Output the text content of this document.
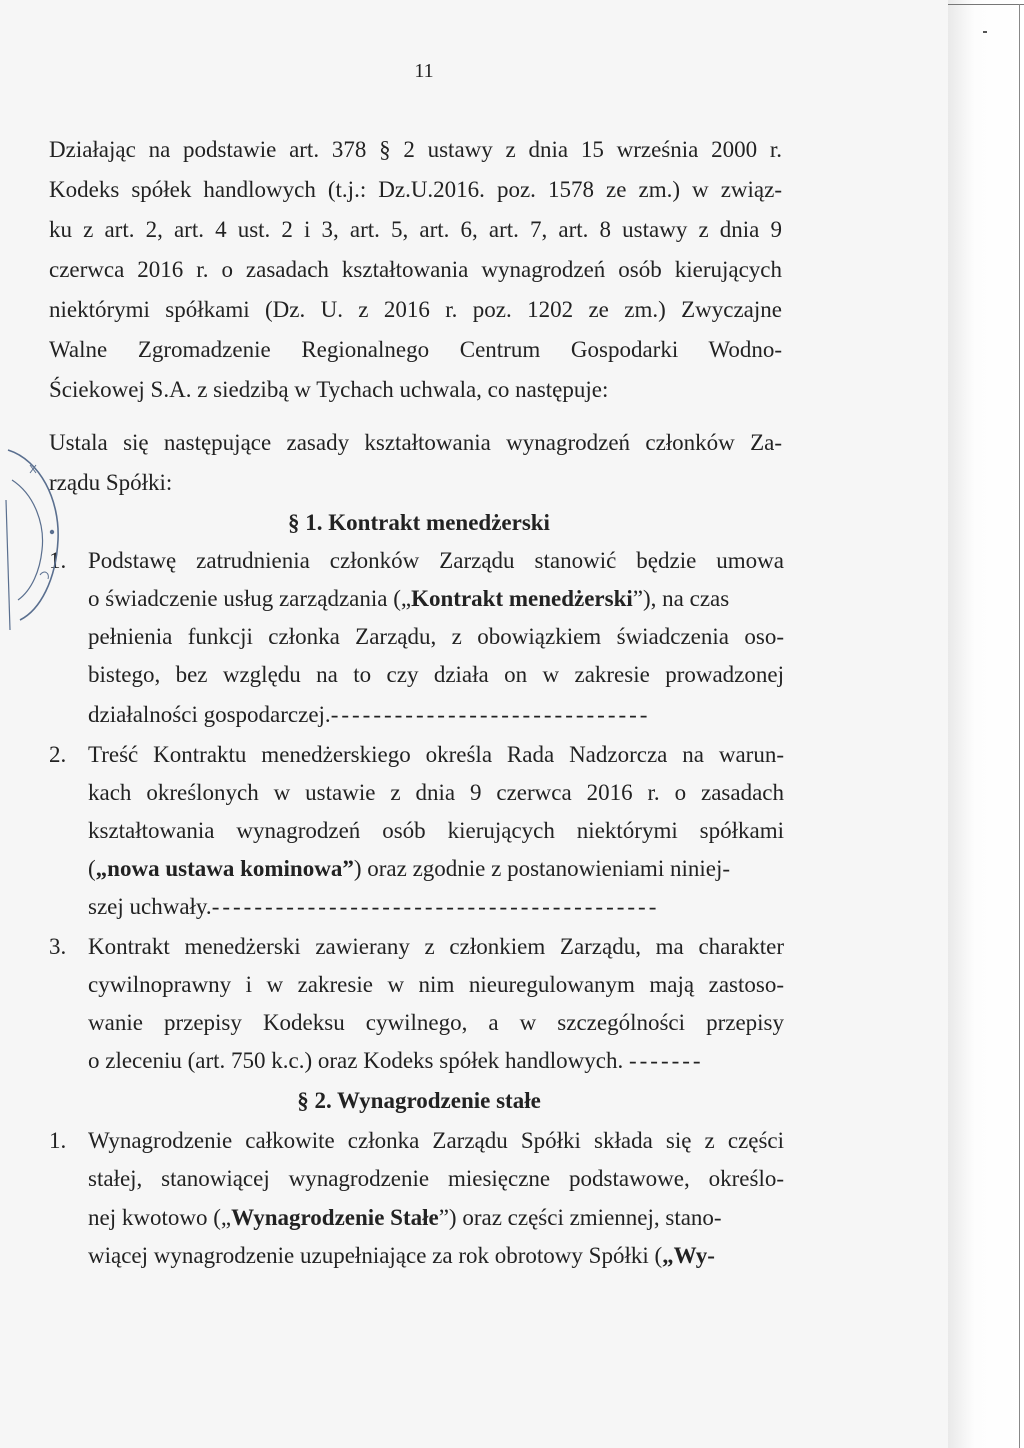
11
Działając na podstawie art. 378 § 2 ustawy z dnia 15 września 2000 r.
Kodeks spółek handlowych (t.j.: Dz.U.2016. poz. 1578 ze zm.) w związ-
ku z art. 2, art. 4 ust. 2 i 3, art. 5, art. 6, art. 7, art. 8 ustawy z dnia 9
czerwca 2016 r. o zasadach kształtowania wynagrodzeń osób kierujących
niektórymi spółkami (Dz. U. z 2016 r. poz. 1202 ze zm.) Zwyczajne
Walne Zgromadzenie Regionalnego Centrum Gospodarki Wodno-
Ściekowej S.A. z siedzibą w Tychach uchwala, co następuje:
Ustala się następujące zasady kształtowania wynagrodzeń członków Za-
rządu Spółki:
§ 1. Kontrakt menedżerski
1. Podstawę zatrudnienia członków Zarządu stanowić będzie umowa
o świadczenie usług zarządzania („Kontrakt menedżerski”), na czas
pełnienia funkcji członka Zarządu, z obowiązkiem świadczenia oso-
bistego, bez względu na to czy działa on w zakresie prowadzonej
działalności gospodarczej.------------------------------
2. Treść Kontraktu menedżerskiego określa Rada Nadzorcza na warun-
kach określonych w ustawie z dnia 9 czerwca 2016 r. o zasadach
kształtowania wynagrodzeń osób kierujących niektórymi spółkami
(„nowa ustawa kominowa”) oraz zgodnie z postanowieniami niniej-
szej uchwały.------------------------------------------
3. Kontrakt menedżerski zawierany z członkiem Zarządu, ma charakter
cywilnoprawny i w zakresie w nim nieuregulowanym mają zastoso-
wanie przepisy Kodeksu cywilnego, a w szczególności przepisy
o zleceniu (art. 750 k.c.) oraz Kodeks spółek handlowych. -------
§ 2. Wynagrodzenie stałe
1. Wynagrodzenie całkowite członka Zarządu Spółki składa się z części
stałej, stanowiącej wynagrodzenie miesięczne podstawowe, określo-
nej kwotowo („Wynagrodzenie Stałe”) oraz części zmiennej, stano-
wiącej wynagrodzenie uzupełniające za rok obrotowy Spółki („Wy-
